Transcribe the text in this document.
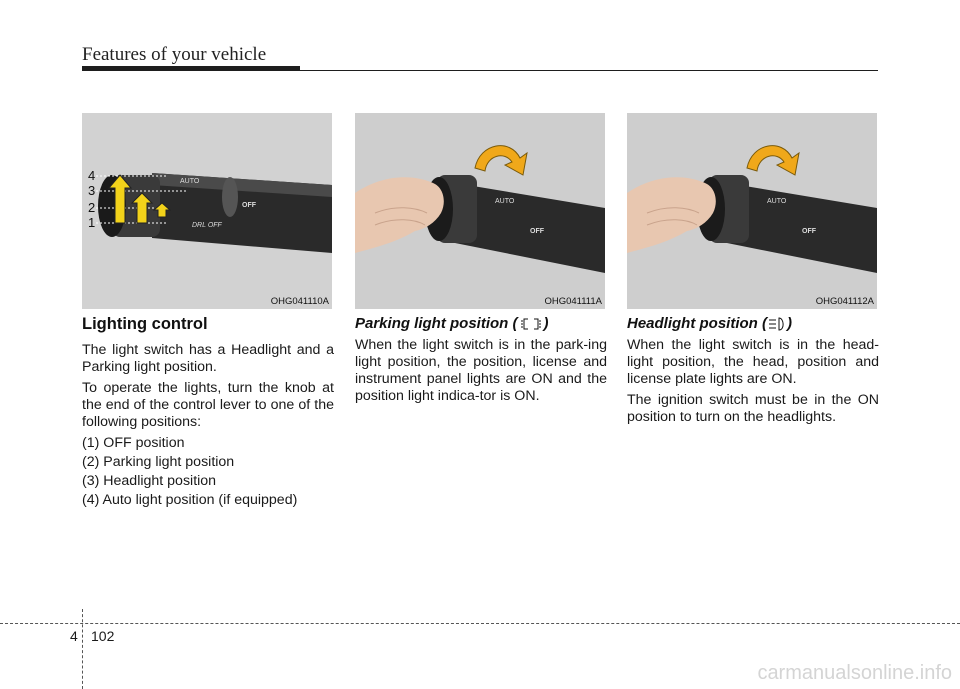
Features of your vehicle
AUTO
DRL OFF
OFF
4
3
2
1
OHG041110A
AUTO
OFF
OHG041111A
AUTO
OFF
OHG041112A
Lighting control

The light switch has a Headlight and a Parking light position.

To operate the lights, turn the knob at the end of the control lever to one of the following positions:

(1) OFF position

(2) Parking light position

(3) Headlight position

(4) Auto light position (if equipped)

Parking light position ( )

When the light switch is in the park-ing light position, the position, license and instrument panel lights are ON and the position light indica-tor is ON.

Headlight position ( )

When the light switch is in the head-light position, the head, position and license plate lights are ON.

The ignition switch must be in the ON position to turn on the headlights.

4 102
carmanualsonline.info
